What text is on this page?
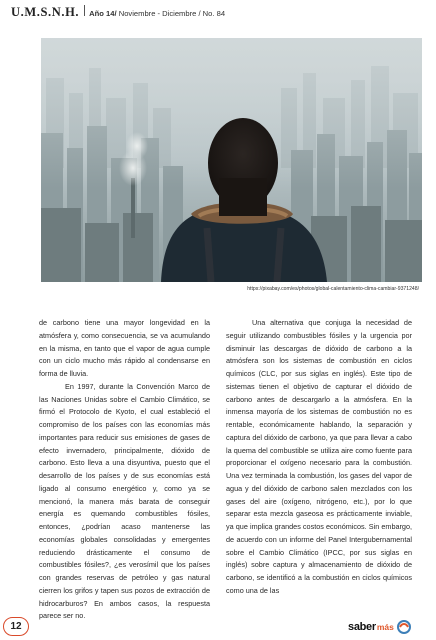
U.M.S.N.H. Año 14/ Noviembre - Diciembre / No. 84
https://pixabay.com/es/photos/global-calentamiento-clima-cambiar-9371248/

de carbono tiene una mayor longevidad en la atmósfera y, como consecuencia, se va acumulando en la misma, en tanto que el vapor de agua cumple con un ciclo mucho más rápido al condensarse en forma de lluvia.

En 1997, durante la Convención Marco de las Naciones Unidas sobre el Cambio Climático, se firmó el Protocolo de Kyoto, el cual estableció el compromiso de los países con las economías más importantes para reducir sus emisiones de gases de efecto invernadero, principalmente, dióxido de carbono. Esto lleva a una disyuntiva, puesto que el desarrollo de los países y de sus economías está ligado al consumo energético y, como ya se mencionó, la manera más barata de conseguir energía es quemando combustibles fósiles, entonces, ¿podrían acaso mantenerse las economías globales consolidadas y emergentes reduciendo drásticamente el consumo de combustibles fósiles?, ¿es verosímil que los países con grandes reservas de petróleo y gas natural cierren los grifos y tapen sus pozos de extracción de hidrocarburos? En ambos casos, la respuesta parece ser no.

Una alternativa que conjuga la necesidad de seguir utilizando combustibles fósiles y la urgencia por disminuir las descargas de dióxido de carbono a la atmósfera son los sistemas de combustión en ciclos químicos (CLC, por sus siglas en inglés). Este tipo de sistemas tienen el objetivo de capturar el dióxido de carbono antes de descargarlo a la atmósfera. En la inmensa mayoría de los sistemas de combustión no es rentable, económicamente hablando, la separación y captura del dióxido de carbono, ya que para llevar a cabo la quema del combustible se utiliza aire como fuente para proporcionar el oxígeno necesario para la combustión. Una vez terminada la combustión, los gases del vapor de agua y del dióxido de carbono salen mezclados con los gases del aire (oxígeno, nitrógeno, etc.), por lo que separar esta mezcla gaseosa es prácticamente inviable, ya que implica grandes costos económicos. Sin embargo, de acuerdo con un informe del Panel Intergubernamental sobre el Cambio Climático (IPCC, por sus siglas en inglés) sobre captura y almacenamiento de dióxido de carbono, se identificó a la combustión en ciclos químicos como una de las

12	saber más
